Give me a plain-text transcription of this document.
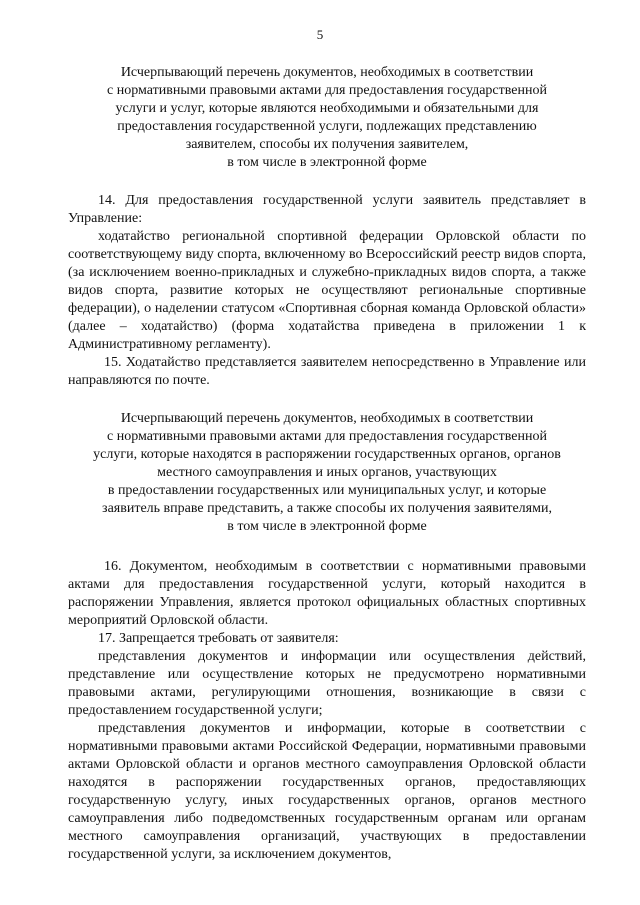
5
Исчерпывающий перечень документов, необходимых в соответствии
с нормативными правовыми актами для предоставления государственной
услуги и услуг, которые являются необходимыми и обязательными для
предоставления государственной услуги, подлежащих представлению
заявителем, способы их получения заявителем,
в том числе в электронной форме

14. Для предоставления государственной услуги заявитель представляет в Управление:

ходатайство региональной спортивной федерации Орловской области по соответствующему виду спорта, включенному во Всероссийский реестр видов спорта, (за исключением военно-прикладных и служебно-прикладных видов спорта, а также видов спорта, развитие которых не осуществляют региональные спортивные федерации), о наделении статусом «Спортивная сборная команда Орловской области» (далее – ходатайство) (форма ходатайства приведена в приложении 1 к Административному регламенту).

15. Ходатайство представляется заявителем непосредственно в Управление или направляются по почте.

Исчерпывающий перечень документов, необходимых в соответствии
с нормативными правовыми актами для предоставления государственной
услуги, которые находятся в распоряжении государственных органов, органов
местного самоуправления и иных органов, участвующих
в предоставлении государственных или муниципальных услуг, и которые
заявитель вправе представить, а также способы их получения заявителями,
в том числе в электронной форме

16. Документом, необходимым в соответствии с нормативными правовыми актами для предоставления государственной услуги, который находится в распоряжении Управления, является протокол официальных областных спортивных мероприятий Орловской области.

17. Запрещается требовать от заявителя:

представления документов и информации или осуществления действий, представление или осуществление которых не предусмотрено нормативными правовыми актами, регулирующими отношения, возникающие в связи с предоставлением государственной услуги;

представления документов и информации, которые в соответствии с нормативными правовыми актами Российской Федерации, нормативными правовыми актами Орловской области и органов местного самоуправления Орловской области находятся в распоряжении государственных органов, предоставляющих государственную услугу, иных государственных органов, органов местного самоуправления либо подведомственных государственным органам или органам местного самоуправления организаций, участвующих в предоставлении государственной услуги, за исключением документов,
